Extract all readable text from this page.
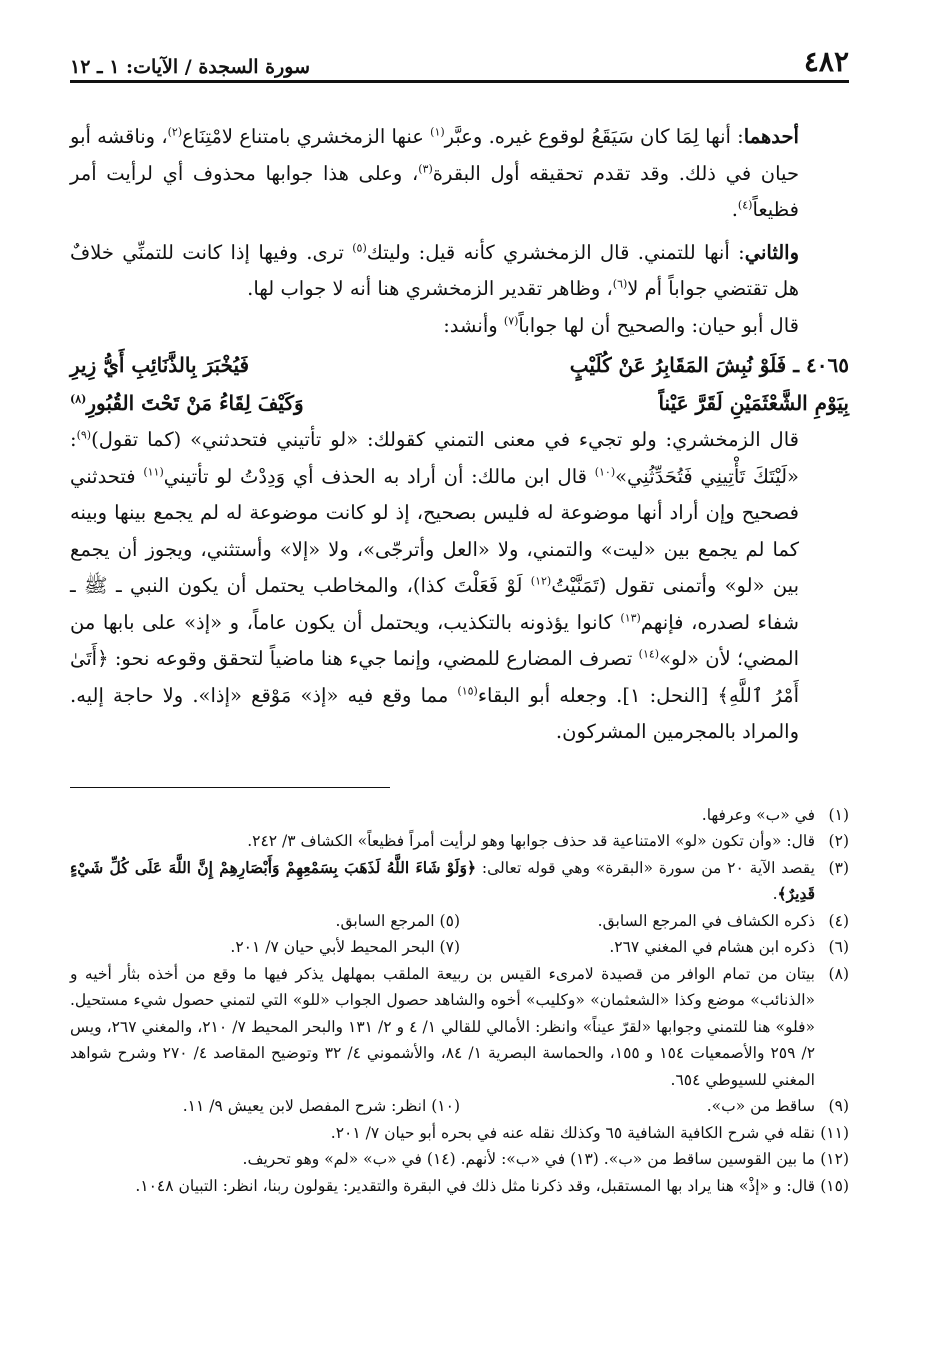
٤٨٢
سورة السجدة / الآيات: ١ ـ ١٢

أحدهما: أنها لِمَا كان سَيَقَعُ لوقوع غيره. وعبَّر$^{(١)}$ عنها الزمخشري بامتناع لامْتِنَاع$^{(٢)}$، وناقشه أبو حيان في ذلك. وقد تقدم تحقيقه أول البقرة$^{(٣)}$، وعلى هذا جوابها محذوف أي لرأيت أمر فظيعاً$^{(٤)}$.

والثاني: أنها للتمني. قال الزمخشري كأنه قيل: وليتك$^{(٥)}$ ترى. وفيها إذا كانت للتمنِّي خلافٌ هل تقتضي جواباً أم لا$^{(٦)}$، وظاهر تقدير الزمخشري هنا أنه لا جواب لها.

قال أبو حيان: والصحيح أن لها جواباً$^{(٧)}$ وأنشد:

٤٠٦٥ ـ فَلَوْ نُبِشَ المَقَابِرُ عَنْ كُلَيْبٍ
فَيُخْبَرَ بِالذَّنَائِبِ أَيُّ زِيرِ
بِيَوْمِ الشَّعْثَمَيْنِ لَقَرَّ عَيْناً
وَكَيْفَ لِقَاءُ مَنْ تَحْتَ القُبُورِ$^{(٨)}$

قال الزمخشري: ولو تجيء في معنى التمني كقولك: «لو تأتيني فتحدثني» (كما تقول)$^{(٩)}$: «لَيْتَكَ تَأْتِينِي فَتُحَدِّثُنِي»$^{(١٠)}$ قال ابن مالك: أن أراد به الحذف أي وَدِدْتُ لو تأتيني$^{(١١)}$ فتحدثني فصحيح وإن أراد أنها موضوعة له فليس بصحيح، إذ لو كانت موضوعة له لم يجمع بينها وبينه كما لم يجمع بين «ليت» والتمني، ولا «العل وأترجّى»، ولا «إلا» وأستثني، ويجوز أن يجمع بين «لو» وأتمنى تقول (تَمَنَّيْتُ$^{(١٢)}$ لَوْ فَعَلْتَ كذا)، والمخاطب يحتمل أن يكون النبي ـ ﷺ ـ شفاء لصدره، فإنهم$^{(١٣)}$ كانوا يؤذونه بالتكذيب، ويحتمل أن يكون عاماً، و «إذ» على بابها من المضي؛ لأن «لو»$^{(١٤)}$ تصرف المضارع للمضي، وإنما جيء هنا ماضياً لتحقق وقوعه نحو: ﴿أَتَىٰ أَمْرُ ٱللَّهِ﴾ [النحل: ١]. وجعله أبو البقاء$^{(١٥)}$ مما وقع فيه «إذ» مَوْقع «إذا». ولا حاجة إليه. والمراد بالمجرمين المشركون.

(١)
في «ب» وعرفها.
(٢)
قال: «وأن تكون «لو» الامتناعية قد حذف جوابها وهو لرأيت أمراً فظيعاً» الكشاف ٣/ ٢٤٢.
(٣)
يقصد الآية ٢٠ من سورة «البقرة» وهي قوله تعالى: ﴿وَلَوْ شَاءَ اللَّهُ لَذَهَبَ بِسَمْعِهِمْ وَأَبْصَارِهِمْ إِنَّ اللَّهَ عَلَى كُلِّ شَيْءٍ قَدِيرٌ﴾.
(٤)
ذكره الكشاف في المرجع السابق.
(٥) المرجع السابق.
(٦)
ذكره ابن هشام في المغني ٢٦٧.
(٧) البحر المحيط لأبي حيان ٧/ ٢٠١.
(٨)
بيتان من تمام الوافر من قصيدة لامرىء القيس بن ربيعة الملقب بمهلهل يذكر فيها ما وقع من أخذه بثأر أخيه و «الذنائب» موضع وكذا «الشعثمان» «وكليب» أخوه والشاهد حصول الجواب «للو» التي لتمني حصول شيء مستحيل. «فلو» هنا للتمني وجوابها «لقرّ عيناً» وانظر: الأمالي للقالي ١/ ٤ و ٢/ ١٣١ والبحر المحيط ٧/ ٢١٠، والمغني ٢٦٧، ويس ٢/ ٢٥٩ والأصمعيات ١٥٤ و ١٥٥، والحماسة البصرية ١/ ٨٤، والأشموني ٤/ ٣٢ وتوضيح المقاصد ٤/ ٢٧٠ وشرح شواهد المغني للسيوطي ٦٥٤.
(٩)
ساقط من «ب».
(١٠) انظر: شرح المفصل لابن يعيش ٩/ ١١.
(١١)
نقله في شرح الكافية الشافية ٦٥ وكذلك نقله عنه في بحره أبو حيان ٧/ ٢٠١.
(١٢)
ما بين القوسين ساقط من «ب». (١٣) في «ب»: لأنهم. (١٤) في «ب» «لم» وهو تحريف.
(١٥)
قال: و «إذْ» هنا يراد بها المستقبل، وقد ذكرنا مثل ذلك في البقرة والتقدير: يقولون ربنا، انظر: التبيان ١٠٤٨.
